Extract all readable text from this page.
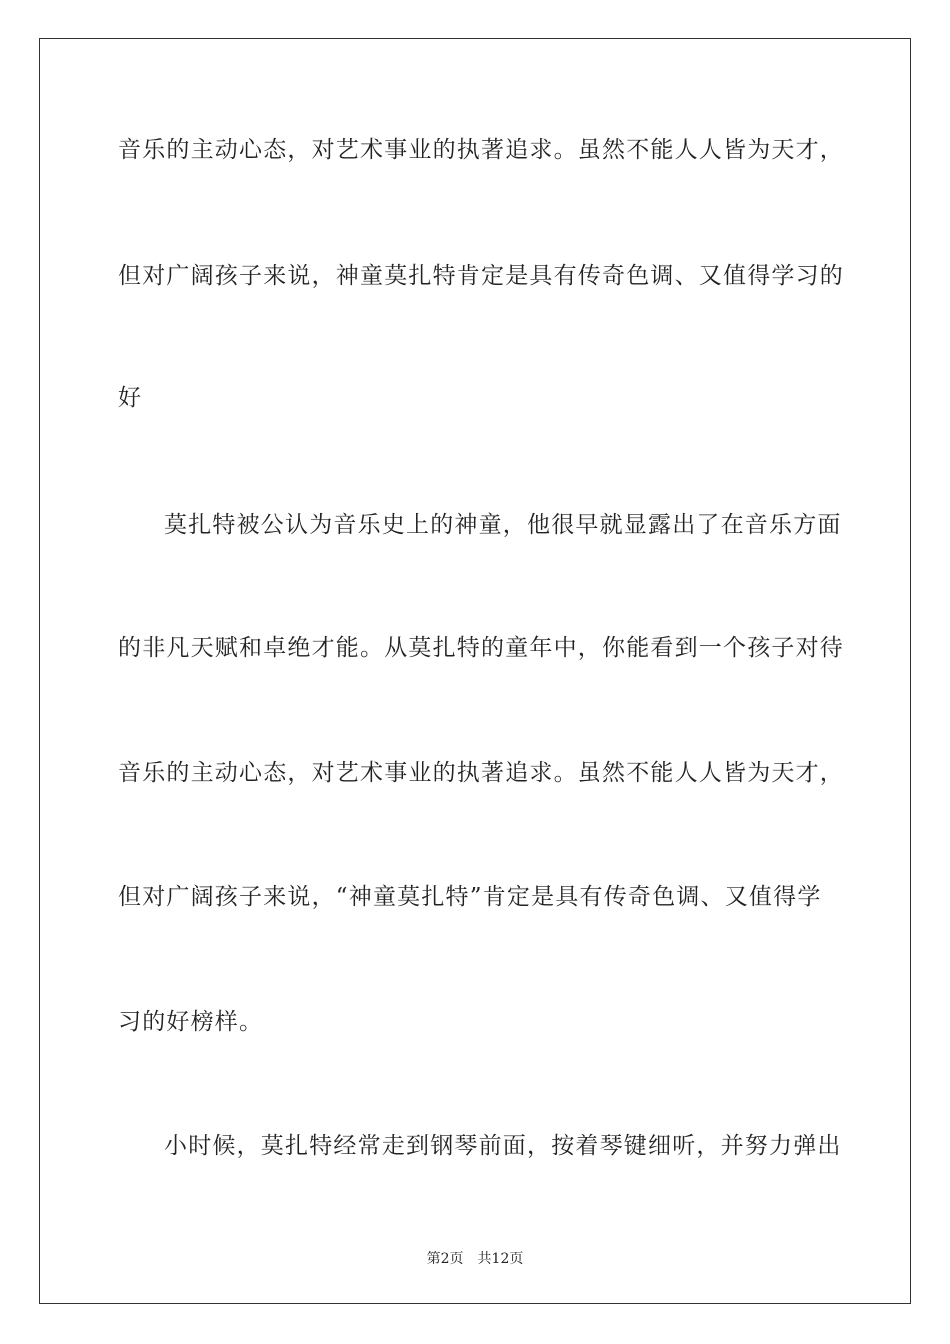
音乐的主动心态，对艺术事业的执著追求。虽然不能人人皆为天才，
但对广阔孩子来说，神童莫扎特肯定是具有传奇色调、又值得学习的
好
莫扎特被公认为音乐史上的神童，他很早就显露出了在音乐方面
的非凡天赋和卓绝才能。从莫扎特的童年中，你能看到一个孩子对待
音乐的主动心态，对艺术事业的执著追求。虽然不能人人皆为天才，
但对广阔孩子来说，“神童莫扎特”肯定是具有传奇色调、又值得学
习的好榜样。
小时候，莫扎特经常走到钢琴前面，按着琴键细听，并努力弹出
第2页 共12页
